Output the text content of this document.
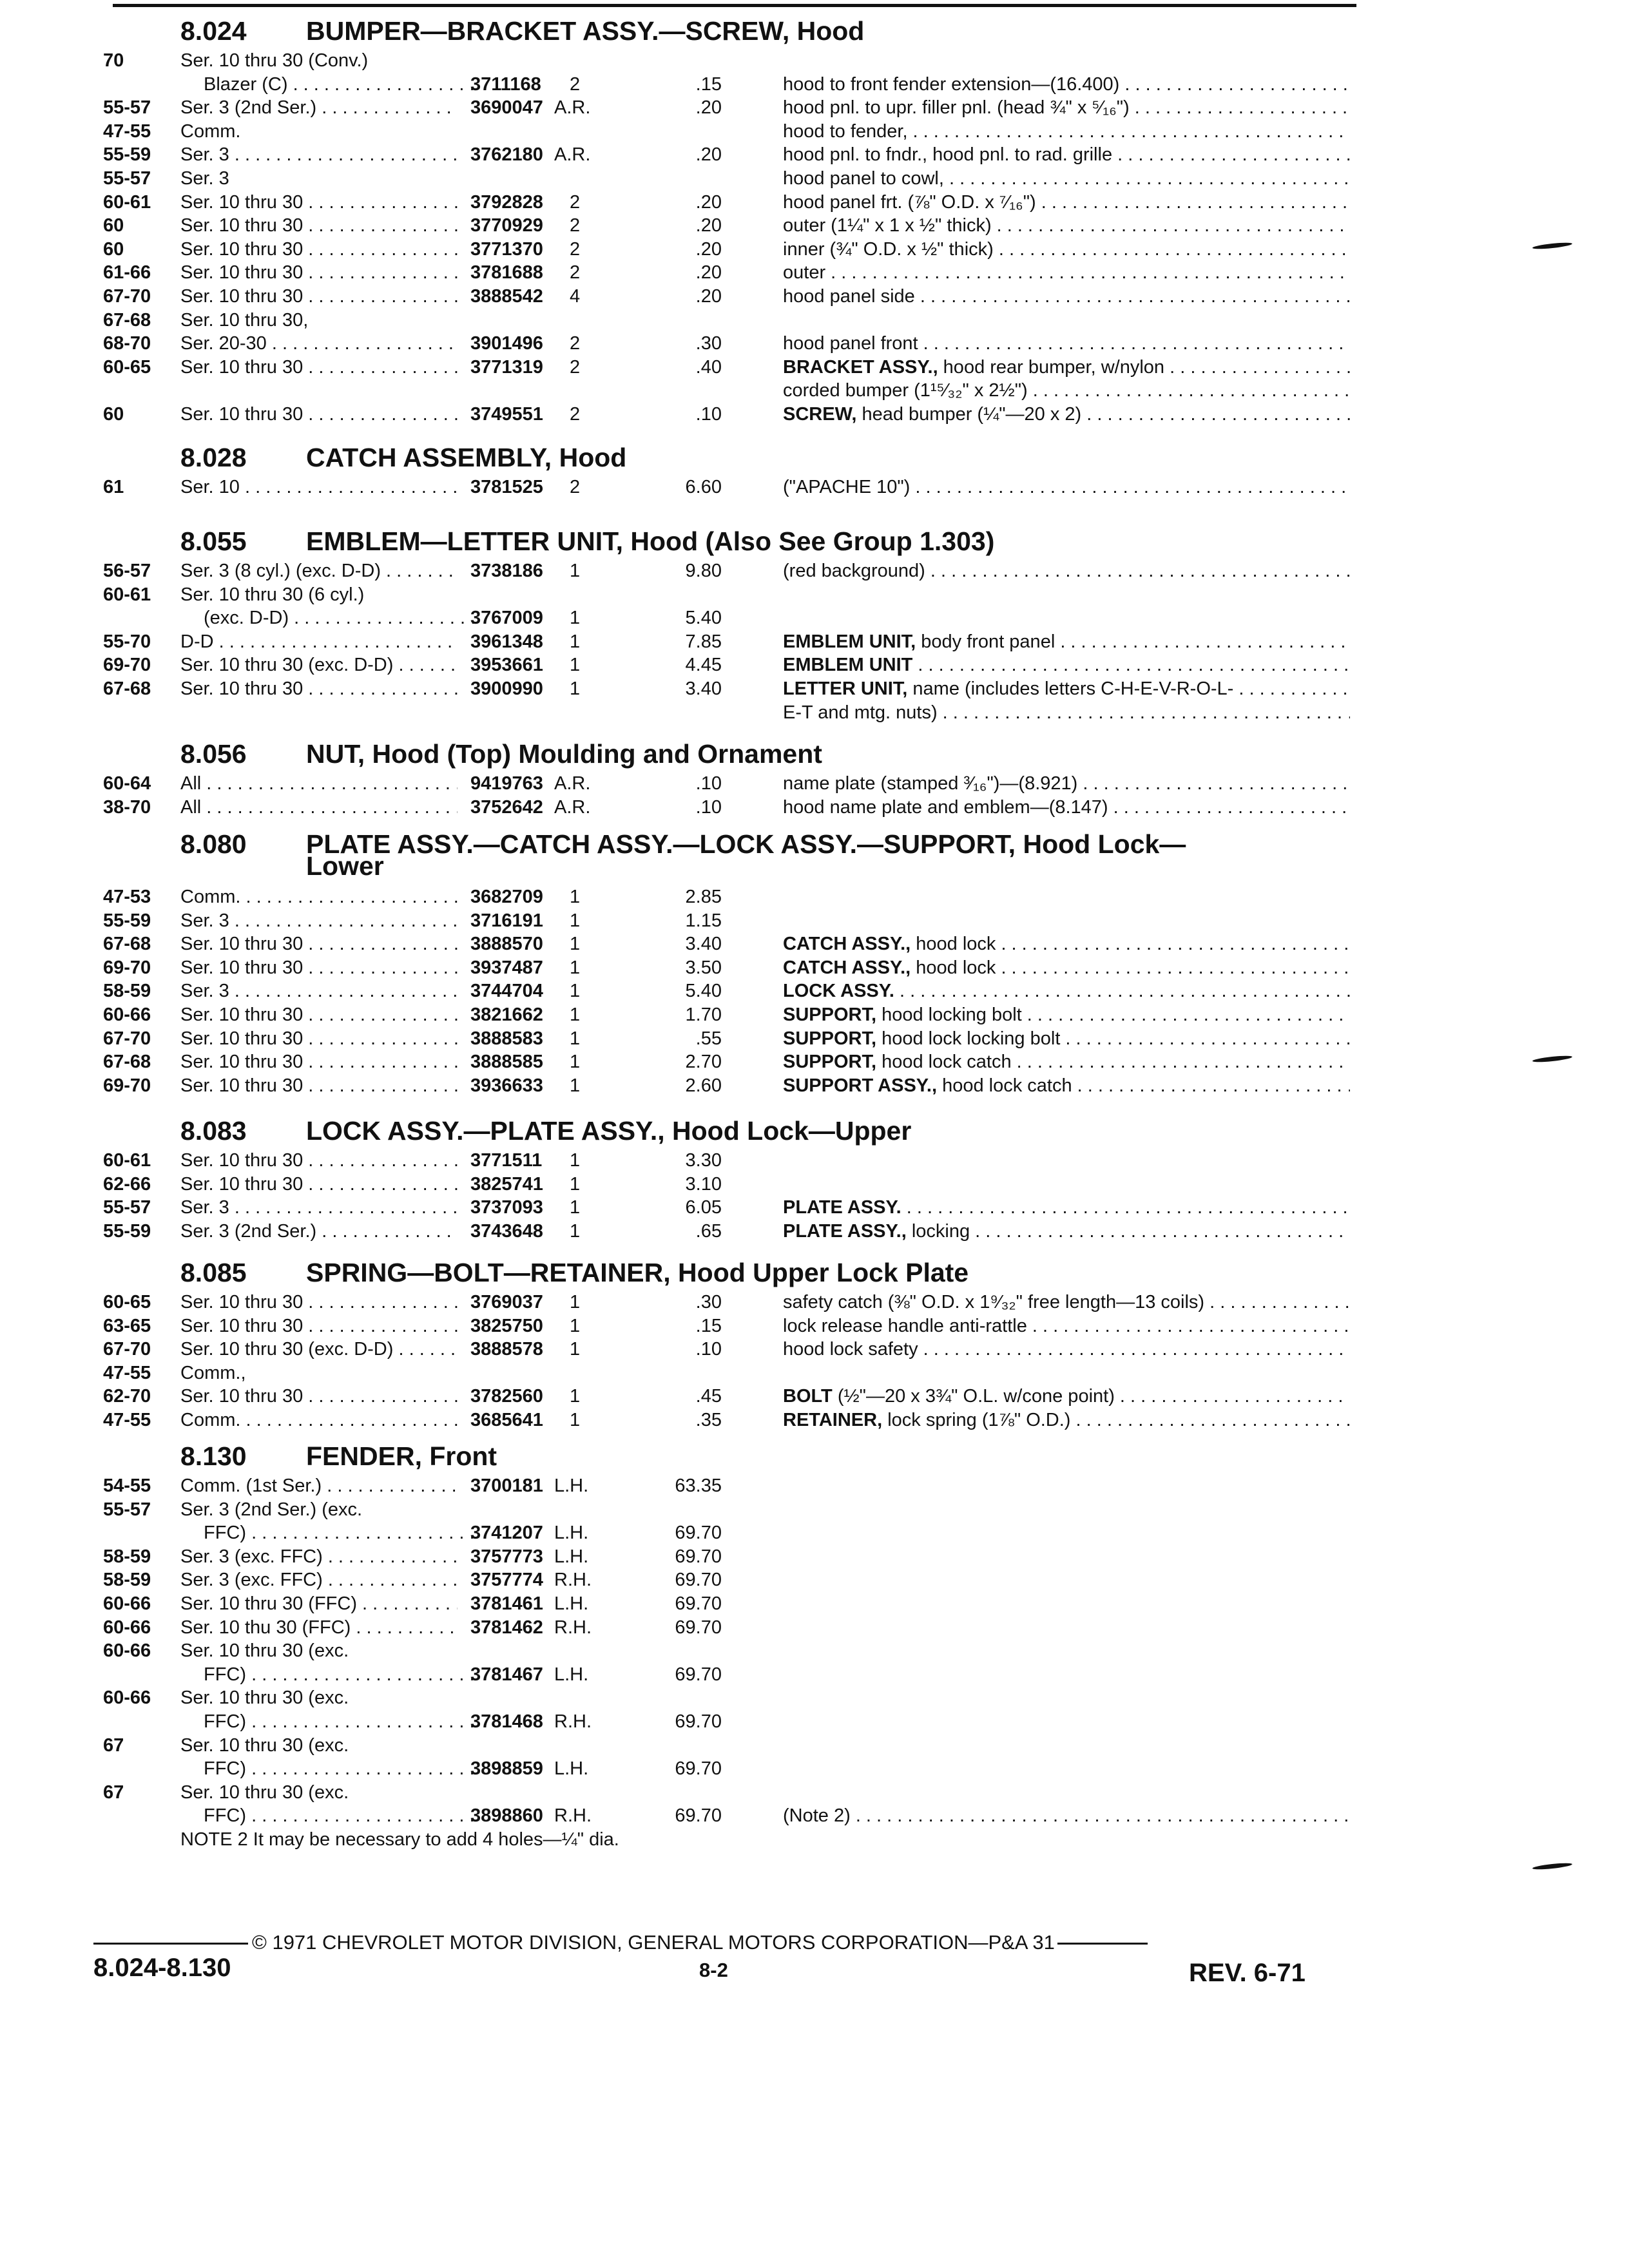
8.024 BUMPER—BRACKET ASSY.—SCREW, Hood
70	Ser. 10 thru 30 (Conv.)
Blazer (C) . . .	3711168	2	.15	hood to front fender extension—(16.400) . . .
55-57	Ser. 3 (2nd Ser.) . . .	3690047 A.R.	.20	hood pnl. to upr. filler pnl. (head ¾" x ⁵⁄₁₆") . . .
47-55	Comm.	hood to fender, . . .
55-59	Ser. 3 . . .	3762180 A.R.	.20	hood pnl. to fndr., hood pnl. to rad. grille . . .
55-57	Ser. 3	hood panel to cowl, . . .
60-61	Ser. 10 thru 30 . . .	3792828	2	.20	hood panel frt. (⅞" O.D. x ⁷⁄₁₆") . . .
60	Ser. 10 thru 30 . . .	3770929	2	.20	outer (1¼" x 1 x ½" thick) . . .
60	Ser. 10 thru 30 . . .	3771370	2	.20	inner (¾" O.D. x ½" thick) . . .
61-66	Ser. 10 thru 30 . . .	3781688	2	.20	outer . . .
67-70	Ser. 10 thru 30 . . .	3888542	4	.20	hood panel side . . .
67-68	Ser. 10 thru 30,
68-70	Ser. 20-30 . . .	3901496	2	.30	hood panel front . . .
60-65	Ser. 10 thru 30 . . .	3771319	2	.40	BRACKET ASSY., hood rear bumper, w/nylon . . .
corded bumper (1¹⁵⁄₃₂" x 2½") . . .
60	Ser. 10 thru 30 . . .	3749551	2	.10	SCREW, head bumper (¼"—20 x 2) . . .
8.028 CATCH ASSEMBLY, Hood
61	Ser. 10 . . .	3781525	2	6.60	("APACHE 10") . . .
8.055 EMBLEM—LETTER UNIT, Hood (Also See Group 1.303)
56-57	Ser. 3 (8 cyl.) (exc. D-D) . . .	3738186	1	9.80	(red background) . . .
60-61	Ser. 10 thru 30 (6 cyl.)
(exc. D-D) . . .	3767009	1	5.40
55-70	D-D . . .	3961348	1	7.85	EMBLEM UNIT, body front panel . . .
69-70	Ser. 10 thru 30 (exc. D-D) . . .	3953661	1	4.45	EMBLEM UNIT . . .
67-68	Ser. 10 thru 30 . . .	3900990	1	3.40	LETTER UNIT, name (includes letters C-H-E-V-R-O-L- . . .
E-T and mtg. nuts) . . .
8.056 NUT, Hood (Top) Moulding and Ornament
60-64	All . . .	9419763 A.R.	.10	name plate (stamped ³⁄₁₆")—(8.921) . . .
38-70	All . . .	3752642 A.R.	.10	hood name plate and emblem—(8.147) . . .
8.080 PLATE ASSY.—CATCH ASSY.—LOCK ASSY.—SUPPORT, Hood Lock—
Lower
47-53	Comm. . . .	3682709	1	2.85
55-59	Ser. 3 . . .	3716191	1	1.15
67-68	Ser. 10 thru 30 . . .	3888570	1	3.40	CATCH ASSY., hood lock . . .
69-70	Ser. 10 thru 30 . . .	3937487	1	3.50	CATCH ASSY., hood lock . . .
58-59	Ser. 3 . . .	3744704	1	5.40	LOCK ASSY. . . .
60-66	Ser. 10 thru 30 . . .	3821662	1	1.70	SUPPORT, hood locking bolt . . .
67-70	Ser. 10 thru 30 . . .	3888583	1	.55	SUPPORT, hood lock locking bolt . . .
67-68	Ser. 10 thru 30 . . .	3888585	1	2.70	SUPPORT, hood lock catch . . .
69-70	Ser. 10 thru 30 . . .	3936633	1	2.60	SUPPORT ASSY., hood lock catch . . .
8.083 LOCK ASSY.—PLATE ASSY., Hood Lock—Upper
60-61	Ser. 10 thru 30 . . .	3771511	1	3.30
62-66	Ser. 10 thru 30 . . .	3825741	1	3.10
55-57	Ser. 3 . . .	3737093	1	6.05	PLATE ASSY. . . .
55-59	Ser. 3 (2nd Ser.) . . .	3743648	1	.65	PLATE ASSY., locking . . .
8.085 SPRING—BOLT—RETAINER, Hood Upper Lock Plate
60-65	Ser. 10 thru 30 . . .	3769037	1	.30	safety catch (⅜" O.D. x 1⁹⁄₃₂" free length—13 coils) . . .
63-65	Ser. 10 thru 30 . . .	3825750	1	.15	lock release handle anti-rattle . . .
67-70	Ser. 10 thru 30 (exc. D-D) . . .	3888578	1	.10	hood lock safety . . .
47-55	Comm.,
62-70	Ser. 10 thru 30 . . .	3782560	1	.45	BOLT (½"—20 x 3¾" O.L. w/cone point) . . .
47-55	Comm. . . .	3685641	1	.35	RETAINER, lock spring (1⅞" O.D.) . . .
8.130 FENDER, Front
54-55	Comm. (1st Ser.) . . .	3700181 L.H.	63.35
55-57	Ser. 3 (2nd Ser.) (exc.
FFC) . . .	3741207 L.H.	69.70
58-59	Ser. 3 (exc. FFC) . . .	3757773 L.H.	69.70
58-59	Ser. 3 (exc. FFC) . . .	3757774 R.H.	69.70
60-66	Ser. 10 thru 30 (FFC) . . .	3781461 L.H.	69.70
60-66	Ser. 10 thu 30 (FFC) . . .	3781462 R.H.	69.70
60-66	Ser. 10 thru 30 (exc.
FFC) . . .	3781467 L.H.	69.70
60-66	Ser. 10 thru 30 (exc.
FFC) . . .	3781468 R.H.	69.70
67	Ser. 10 thru 30 (exc.
FFC) . . .	3898859 L.H.	69.70
67	Ser. 10 thru 30 (exc.
FFC) . . .	3898860 R.H.	69.70	(Note 2) . . .
NOTE 2 It may be necessary to add 4 holes—¼" dia.
© 1971 CHEVROLET MOTOR DIVISION, GENERAL MOTORS CORPORATION—P&A 31
8.024-8.130	8-2	REV. 6-71
